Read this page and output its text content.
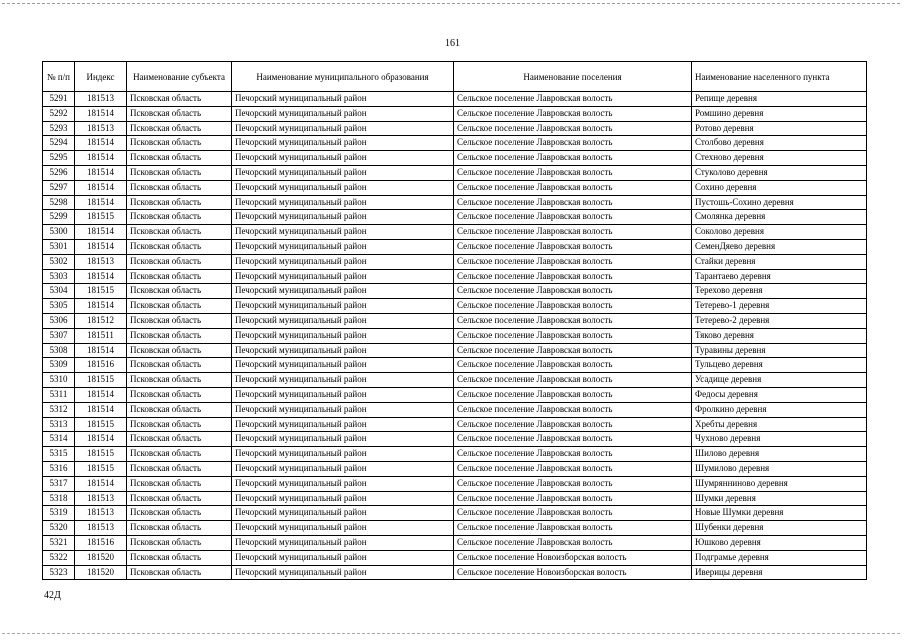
161
№ п/п	Индекс	Наименование субъекта	Наименование муниципального образования	Наименование поселения	Наименование населенного пункта
5291	181513	Псковская область	Печорский муниципальный район	Сельское поселение Лавровская волость	Репище деревня
5292	181514	Псковская область	Печорский муниципальный район	Сельское поселение Лавровская волость	Ромшино деревня
5293	181513	Псковская область	Печорский муниципальный район	Сельское поселение Лавровская волость	Ротово деревня
5294	181514	Псковская область	Печорский муниципальный район	Сельское поселение Лавровская волость	Столбово деревня
5295	181514	Псковская область	Печорский муниципальный район	Сельское поселение Лавровская волость	Стехново деревня
5296	181514	Псковская область	Печорский муниципальный район	Сельское поселение Лавровская волость	Стуколово деревня
5297	181514	Псковская область	Печорский муниципальный район	Сельское поселение Лавровская волость	Сохино деревня
5298	181514	Псковская область	Печорский муниципальный район	Сельское поселение Лавровская волость	Пустошь-Сохино деревня
5299	181515	Псковская область	Печорский муниципальный район	Сельское поселение Лавровская волость	Смолянка деревня
5300	181514	Псковская область	Печорский муниципальный район	Сельское поселение Лавровская волость	Соколово деревня
5301	181514	Псковская область	Печорский муниципальный район	Сельское поселение Лавровская волость	СеменДяево деревня
5302	181513	Псковская область	Печорский муниципальный район	Сельское поселение Лавровская волость	Стайки деревня
5303	181514	Псковская область	Печорский муниципальный район	Сельское поселение Лавровская волость	Тарантаево деревня
5304	181515	Псковская область	Печорский муниципальный район	Сельское поселение Лавровская волость	Терехово деревня
5305	181514	Псковская область	Печорский муниципальный район	Сельское поселение Лавровская волость	Тетерево-1 деревня
5306	181512	Псковская область	Печорский муниципальный район	Сельское поселение Лавровская волость	Тетерево-2 деревня
5307	181511	Псковская область	Печорский муниципальный район	Сельское поселение Лавровская волость	Тяково деревня
5308	181514	Псковская область	Печорский муниципальный район	Сельское поселение Лавровская волость	Туравины деревня
5309	181516	Псковская область	Печорский муниципальный район	Сельское поселение Лавровская волость	Тульцево деревня
5310	181515	Псковская область	Печорский муниципальный район	Сельское поселение Лавровская волость	Усадище деревня
5311	181514	Псковская область	Печорский муниципальный район	Сельское поселение Лавровская волость	Федосы деревня
5312	181514	Псковская область	Печорский муниципальный район	Сельское поселение Лавровская волость	Фролкино деревня
5313	181515	Псковская область	Печорский муниципальный район	Сельское поселение Лавровская волость	Хребты деревня
5314	181514	Псковская область	Печорский муниципальный район	Сельское поселение Лавровская волость	Чухново деревня
5315	181515	Псковская область	Печорский муниципальный район	Сельское поселение Лавровская волость	Шилово деревня
5316	181515	Псковская область	Печорский муниципальный район	Сельское поселение Лавровская волость	Шумилово деревня
5317	181514	Псковская область	Печорский муниципальный район	Сельское поселение Лавровская волость	Шумрянниново деревня
5318	181513	Псковская область	Печорский муниципальный район	Сельское поселение Лавровская волость	Шумки деревня
5319	181513	Псковская область	Печорский муниципальный район	Сельское поселение Лавровская волость	Новые Шумки деревня
5320	181513	Псковская область	Печорский муниципальный район	Сельское поселение Лавровская волость	Шубенки деревня
5321	181516	Псковская область	Печорский муниципальный район	Сельское поселение Лавровская волость	Юшково деревня
5322	181520	Псковская область	Печорский муниципальный район	Сельское поселение Новоизборская волость	Подгрaмье деревня
5323	181520	Псковская область	Печорский муниципальный район	Сельское поселение Новоизборская волость	Иверицы деревня
42Д
